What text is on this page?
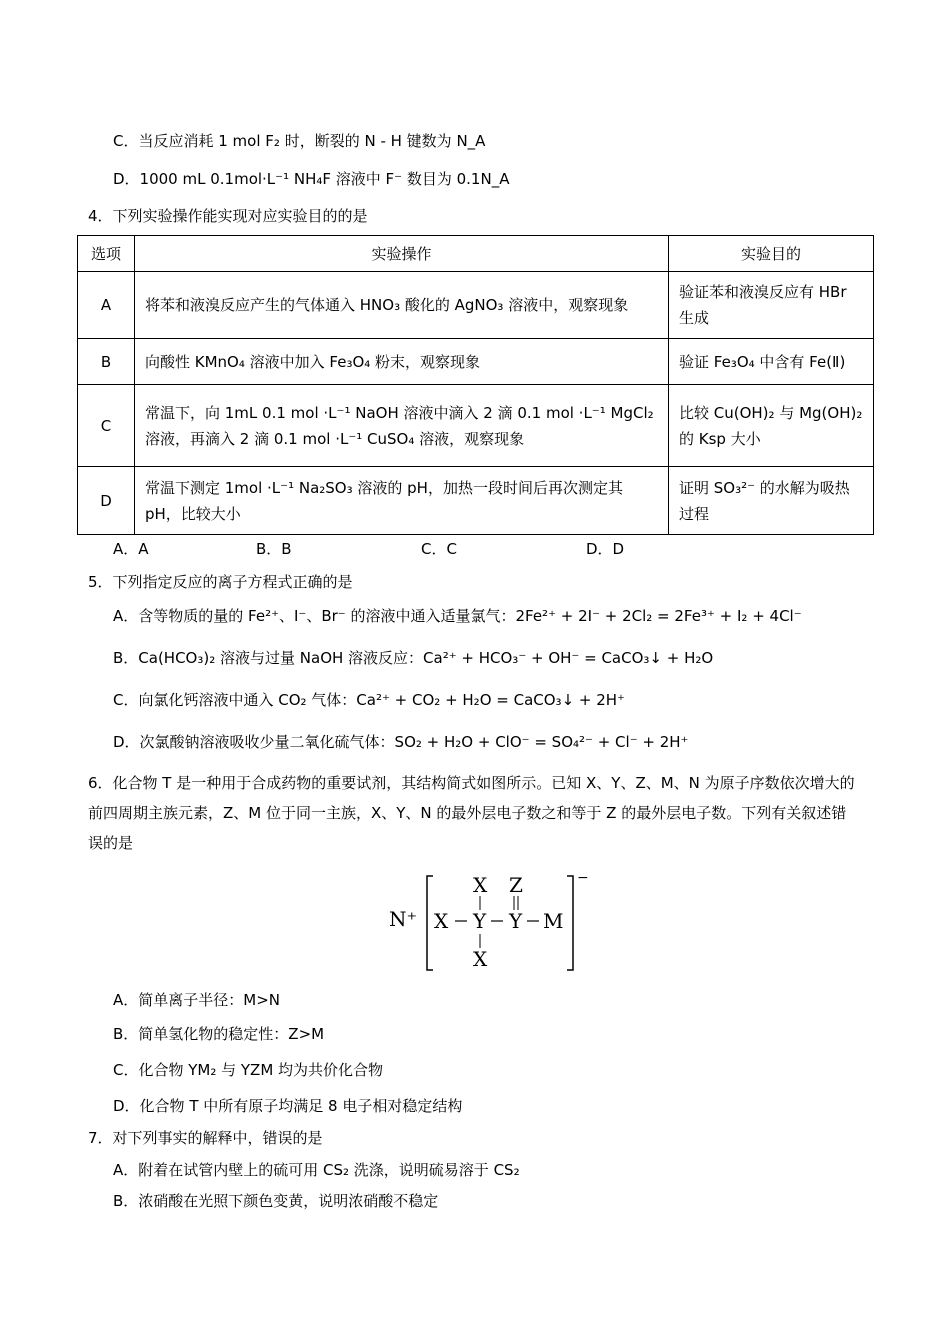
C．当反应消耗 1 mol F₂ 时，断裂的 N - H 键数为 N_A
D．1000 mL 0.1mol·L⁻¹ NH₄F 溶液中 F⁻ 数目为 0.1N_A
4．下列实验操作能实现对应实验目的的是
选项	实验操作	实验目的
A	将苯和液溴反应产生的气体通入 HNO₃ 酸化的 AgNO₃ 溶液中，观察现象	验证苯和液溴反应有 HBr 生成
B	向酸性 KMnO₄ 溶液中加入 Fe₃O₄ 粉末，观察现象	验证 Fe₃O₄ 中含有 Fe(Ⅱ)
C	常温下，向 1mL 0.1 mol ·L⁻¹ NaOH 溶液中滴入 2 滴 0.1 mol ·L⁻¹ MgCl₂ 溶液，再滴入 2 滴 0.1 mol ·L⁻¹ CuSO₄ 溶液，观察现象	比较 Cu(OH)₂ 与 Mg(OH)₂ 的 Ksp 大小
D	常温下测定 1mol ·L⁻¹ Na₂SO₃ 溶液的 pH，加热一段时间后再次测定其 pH，比较大小	证明 SO₃²⁻ 的水解为吸热过程
A．A	B．B	C．C	D．D
5．下列指定反应的离子方程式正确的是
A．含等物质的量的 Fe²⁺、I⁻、Br⁻ 的溶液中通入适量氯气：2Fe²⁺ + 2I⁻ + 2Cl₂ = 2Fe³⁺ + I₂ + 4Cl⁻
B．Ca(HCO₃)₂ 溶液与过量 NaOH 溶液反应：Ca²⁺ + HCO₃⁻ + OH⁻ = CaCO₃↓ + H₂O
C．向氯化钙溶液中通入 CO₂ 气体：Ca²⁺ + CO₂ + H₂O = CaCO₃↓ + 2H⁺
D．次氯酸钠溶液吸收少量二氧化硫气体：SO₂ + H₂O + ClO⁻ = SO₄²⁻ + Cl⁻ + 2H⁺
6．化合物 T 是一种用于合成药物的重要试剂，其结构简式如图所示。已知 X、Y、Z、M、N 为原子序数依次增大的前四周期主族元素，Z、M 位于同一主族，X、Y、N 的最外层电子数之和等于 Z 的最外层电子数。下列有关叙述错误的是
N⁺
−
X Z
X Y Y M
X
A．简单离子半径：M>N
B．简单氢化物的稳定性：Z>M
C．化合物 YM₂ 与 YZM 均为共价化合物
D．化合物 T 中所有原子均满足 8 电子相对稳定结构
7．对下列事实的解释中，错误的是
A．附着在试管内壁上的硫可用 CS₂ 洗涤，说明硫易溶于 CS₂
B．浓硝酸在光照下颜色变黄，说明浓硝酸不稳定
